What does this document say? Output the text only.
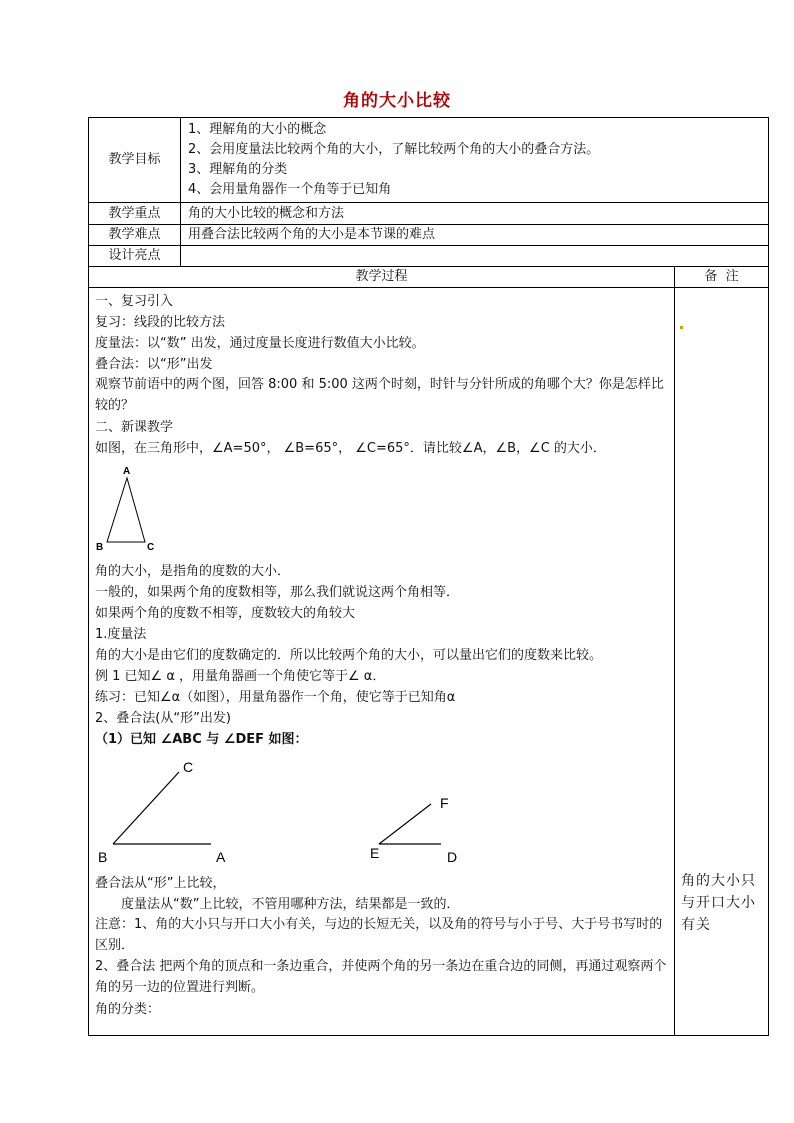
角的大小比较
教学目标
1、理解角的大小的概念
2、会用度量法比较两个角的大小，了解比较两个角的大小的叠合方法。
3、理解角的分类
4、会用量角器作一个角等于已知角
教学重点	角的大小比较的概念和方法
教学难点	用叠合法比较两个角的大小是本节课的难点
设计亮点
教学过程	备  注
角的大小只与开口大小有关
一、复习引入
复习：线段的比较方法
度量法：以“数” 出发，通过度量长度进行数值大小比较。
叠合法：以“形”出发
观察节前语中的两个图，回答 8:00 和 5:00 这两个时刻，时针与分针所成的角哪个大？你是怎样比较的？
二、新课教学
如图，在三角形中，∠A=50°， ∠B=65°， ∠C=65°．请比较∠A，∠B，∠C 的大小．
A
B	C
角的大小，是指角的度数的大小．
一般的，如果两个角的度数相等，那么我们就说这两个角相等．
如果两个角的度数不相等，度数较大的角较大
1.度量法
角的大小是由它们的度数确定的．所以比较两个角的大小，可以量出它们的度数来比较。
例 1 已知∠ α ，用量角器画一个角使它等于∠ α．
练习：已知∠α（如图），用量角器作一个角，使它等于已知角α
2、叠合法(从“形”出发)
（1）已知 ∠ABC 与 ∠DEF 如图：
C
B	A
F
E	D
叠合法从“形”上比较，
度量法从“数”上比较，不管用哪种方法，结果都是一致的．
注意：1、角的大小只与开口大小有关，与边的长短无关，以及角的符号与小于号、大于号书写时的区别．
2、叠合法 把两个角的顶点和一条边重合，并使两个角的另一条边在重合边的同侧，再通过观察两个角的另一边的位置进行判断。
角的分类：
